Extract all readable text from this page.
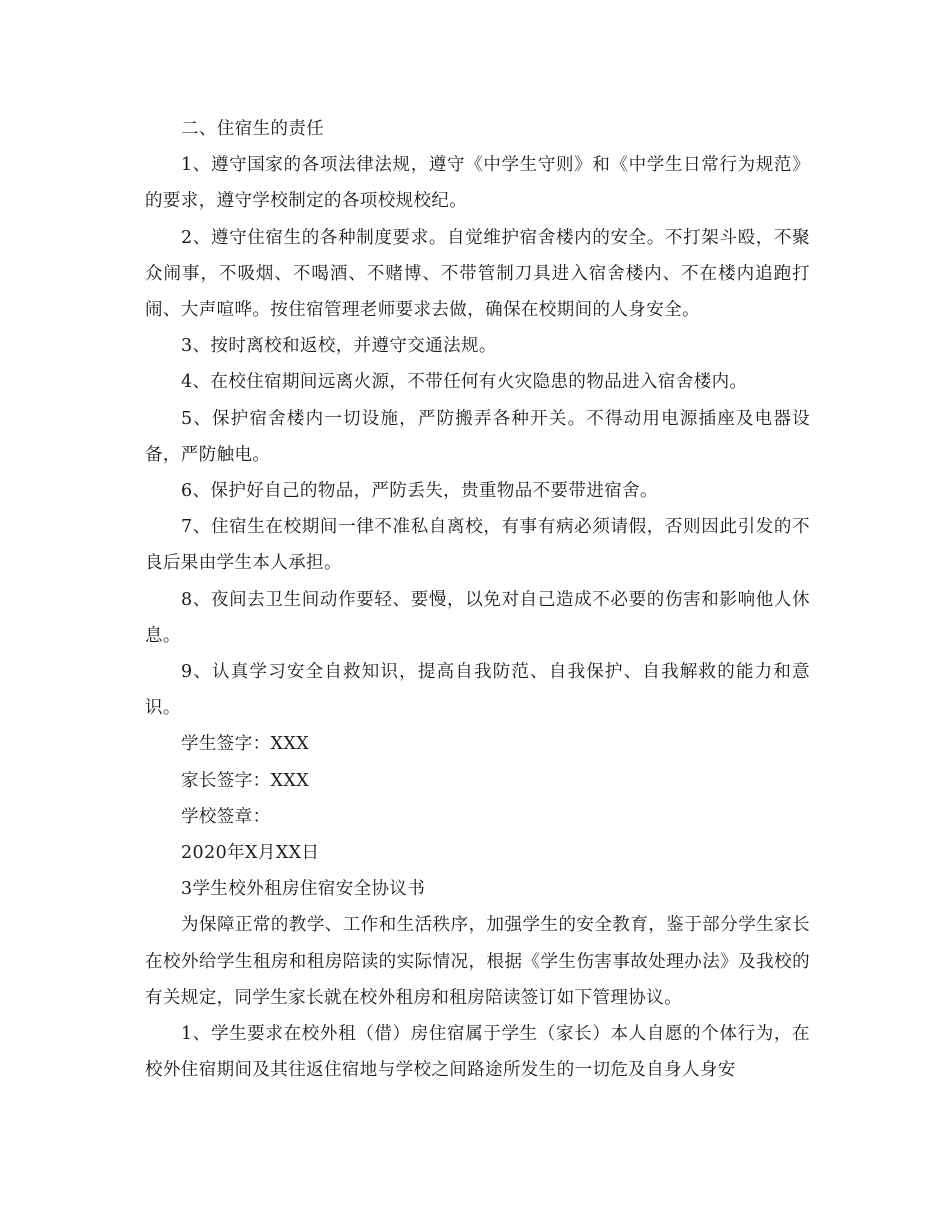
二、住宿生的责任

1、遵守国家的各项法律法规，遵守《中学生守则》和《中学生日常行为规范》的要求，遵守学校制定的各项校规校纪。

2、遵守住宿生的各种制度要求。自觉维护宿舍楼内的安全。不打架斗殴，不聚众闹事，不吸烟、不喝酒、不赌博、不带管制刀具进入宿舍楼内、不在楼内追跑打闹、大声喧哗。按住宿管理老师要求去做，确保在校期间的人身安全。

3、按时离校和返校，并遵守交通法规。

4、在校住宿期间远离火源，不带任何有火灾隐患的物品进入宿舍楼内。

5、保护宿舍楼内一切设施，严防搬弄各种开关。不得动用电源插座及电器设备，严防触电。

6、保护好自己的物品，严防丢失，贵重物品不要带进宿舍。

7、住宿生在校期间一律不准私自离校，有事有病必须请假，否则因此引发的不良后果由学生本人承担。

8、夜间去卫生间动作要轻、要慢，以免对自己造成不必要的伤害和影响他人休息。

9、认真学习安全自救知识，提高自我防范、自我保护、自我解救的能力和意识。

学生签字：XXX

家长签字：XXX

学校签章：

2020年X月XX日

3学生校外租房住宿安全协议书

为保障正常的教学、工作和生活秩序，加强学生的安全教育，鉴于部分学生家长在校外给学生租房和租房陪读的实际情况，根据《学生伤害事故处理办法》及我校的有关规定，同学生家长就在校外租房和租房陪读签订如下管理协议。

1、学生要求在校外租（借）房住宿属于学生（家长）本人自愿的个体行为，在校外住宿期间及其往返住宿地与学校之间路途所发生的一切危及自身人身安
